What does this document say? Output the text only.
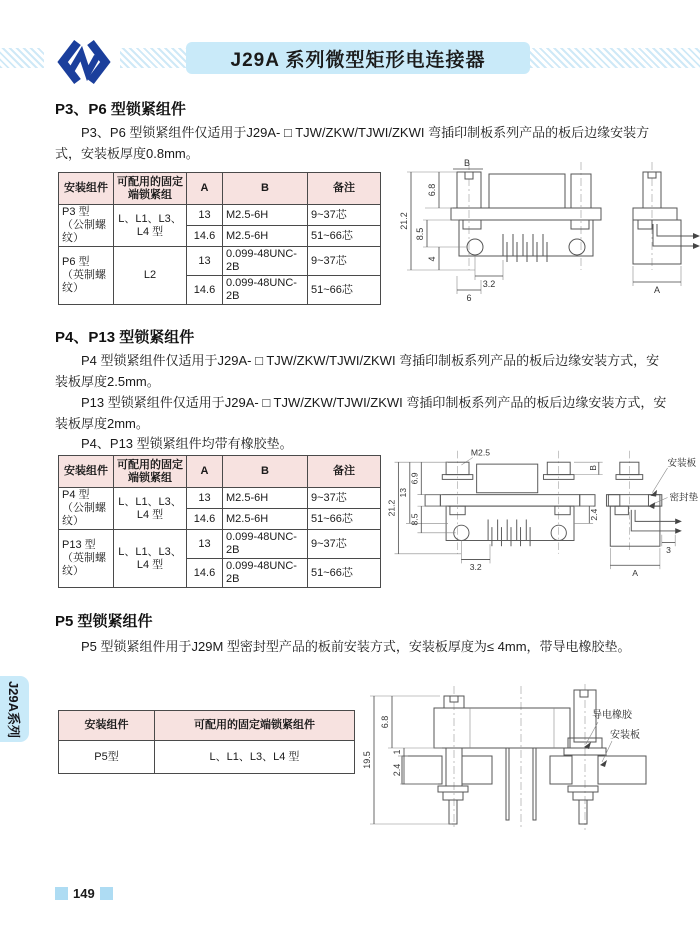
J29A 系列微型矩形电连接器
P3、P6 型锁紧组件

P3、P6 型锁紧组件仅适用于J29A- □ TJW/ZKW/TJWI/ZKWI 弯插印制板系列产品的板后边缘安装方式，安装板厚度0.8mm。

安装组件	可配用的固定端锁紧组	A	B	备注
P3 型（公制螺纹）	L、L1、L3、L4 型	13	M2.5-6H	9~37芯
		14.6	M2.5-6H	51~66芯
P6 型（英制螺纹）	L2	13	0.099-48UNC-2B	9~37芯
		14.6	0.099-48UNC-2B	51~66芯
B
21.2
6.8
8.5
4
3.2
6
A
P4、P13 型锁紧组件

P4 型锁紧组件仅适用于J29A- □ TJW/ZKW/TJWI/ZKWI 弯插印制板系列产品的板后边缘安装方式，安装板厚度2.5mm。

P13 型锁紧组件仅适用于J29A- □ TJW/ZKW/TJWI/ZKWI 弯插印制板系列产品的板后边缘安装方式，安装板厚度2mm。

P4、P13 型锁紧组件均带有橡胶垫。

安装组件	可配用的固定端锁紧组	A	B	备注
P4 型（公制螺纹）	L、L1、L3、L4 型	13	M2.5-6H	9~37芯
		14.6	M2.5-6H	51~66芯
P13 型（英制螺纹）	L、L1、L3、L4 型	13	0.099-48UNC-2B	9~37芯
		14.6	0.099-48UNC-2B	51~66芯
M2.5
21.2
13
6.9
8.5	2.4
B
3.2
安装板
密封垫
3
A
P5 型锁紧组件

P5 型锁紧组件用于J29M 型密封型产品的板前安装方式，安装板厚度为≤ 4mm，带导电橡胶垫。

安装组件	可配用的固定端锁紧组件
P5型	L、L1、L3、L4 型
导电橡胶
安装板
19.5
6.8
1
2.4
J29A系列
149
